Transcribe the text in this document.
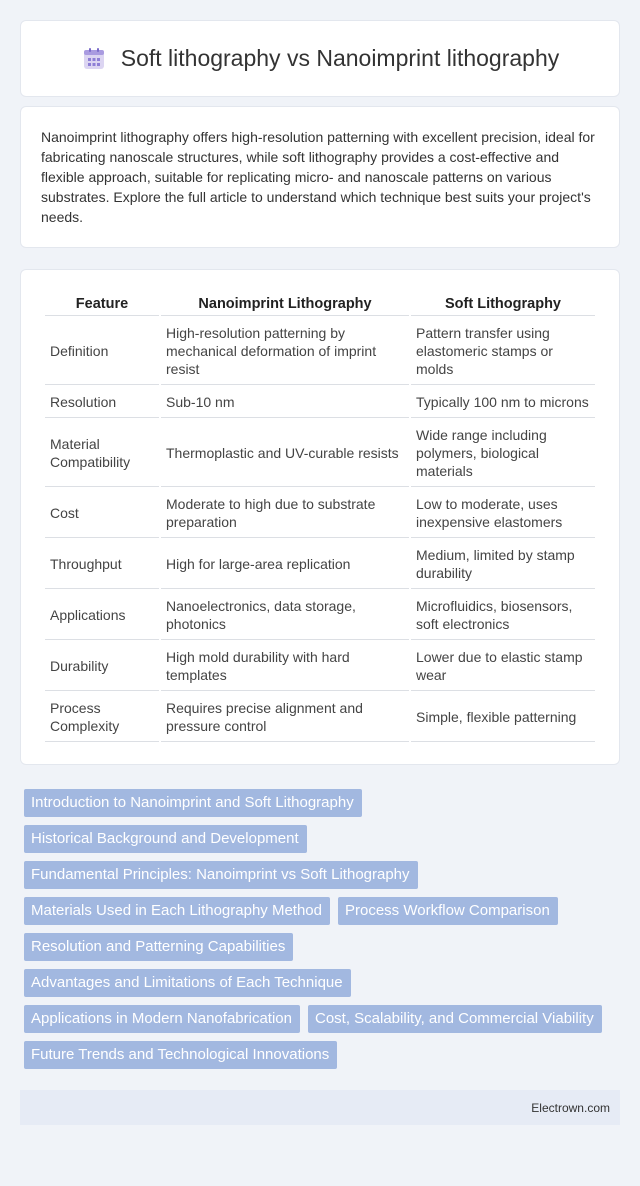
Soft lithography vs Nanoimprint lithography

Nanoimprint lithography offers high-resolution patterning with excellent precision, ideal for fabricating nanoscale structures, while soft lithography provides a cost-effective and flexible approach, suitable for replicating micro- and nanoscale patterns on various substrates. Explore the full article to understand which technique best suits your project's needs.

Feature	Nanoimprint Lithography	Soft Lithography
Definition	High-resolution patterning by mechanical deformation of imprint resist	Pattern transfer using elastomeric stamps or molds
Resolution	Sub-10 nm	Typically 100 nm to microns
Material Compatibility	Thermoplastic and UV-curable resists	Wide range including polymers, biological materials
Cost	Moderate to high due to substrate preparation	Low to moderate, uses inexpensive elastomers
Throughput	High for large-area replication	Medium, limited by stamp durability
Applications	Nanoelectronics, data storage, photonics	Microfluidics, biosensors, soft electronics
Durability	High mold durability with hard templates	Lower due to elastic stamp wear
Process Complexity	Requires precise alignment and pressure control	Simple, flexible patterning
Introduction to Nanoimprint and Soft Lithography
Historical Background and Development
Fundamental Principles: Nanoimprint vs Soft Lithography
Materials Used in Each Lithography Method	Process Workflow Comparison
Resolution and Patterning Capabilities
Advantages and Limitations of Each Technique
Applications in Modern Nanofabrication	Cost, Scalability, and Commercial Viability
Future Trends and Technological Innovations
Electrown.com
